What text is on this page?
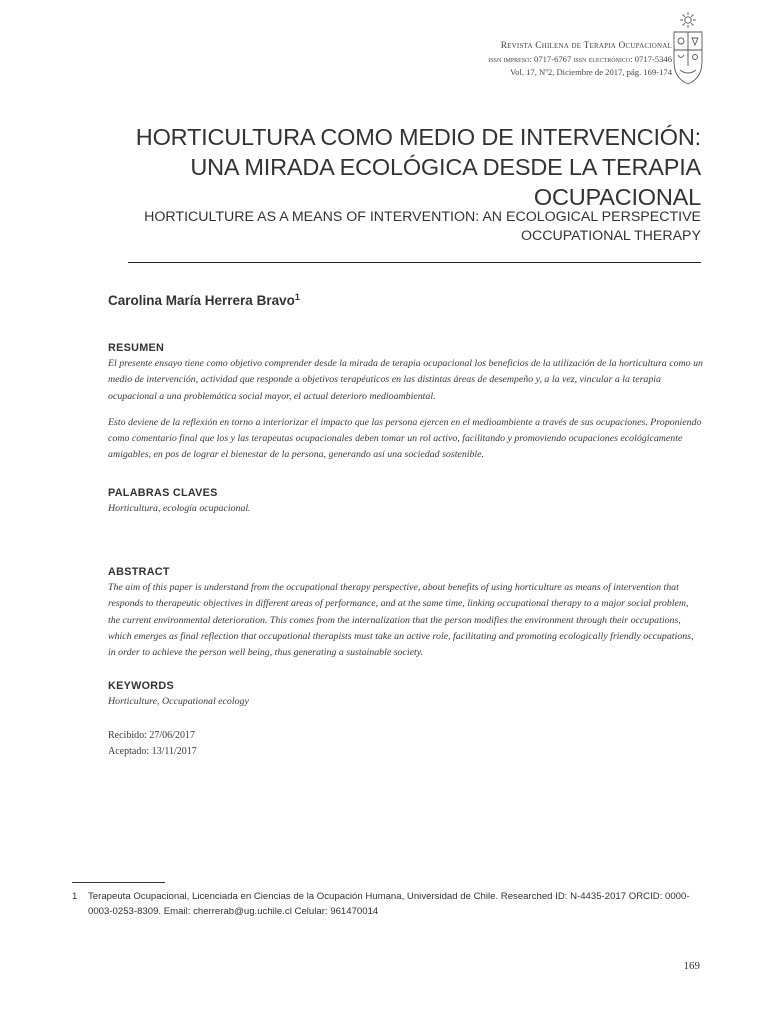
Revista Chilena de Terapia Ocupacional
issn impreso: 0717-6767 issn electrónico: 0717-5346
Vol. 17, Nº2, Diciembre de 2017, pág. 169-174
HORTICULTURA COMO MEDIO DE INTERVENCIÓN: UNA MIRADA ECOLÓGICA DESDE LA TERAPIA OCUPACIONAL
HORTICULTURE AS A MEANS OF INTERVENTION: AN ECOLOGICAL PERSPECTIVE OCCUPATIONAL THERAPY
Carolina María Herrera Bravo$^1$
RESUMEN

El presente ensayo tiene como objetivo comprender desde la mirada de terapia ocupacional los beneficios de la utilización de la horticultura como un medio de intervención, actividad que responde a objetivos terapéuticos en las distintas áreas de desempeño y, a la vez, vincular a la terapia ocupacional a una problemática social mayor, el actual deterioro medioambiental.

Esto deviene de la reflexión en torno a interiorizar el impacto que las persona ejercen en el medioambiente a través de sus ocupaciones. Proponiendo como comentario final que los y las terapeutas ocupacionales deben tomar un rol activo, facilitando y promoviendo ocupaciones ecológicamente amigables, en pos de lograr el bienestar de la persona, generando así una sociedad sostenible.

PALABRAS CLAVES

Horticultura, ecología ocupacional.

ABSTRACT

The aim of this paper is understand from the occupational therapy perspective, about benefits of using horticulture as means of intervention that responds to therapeutic objectives in different areas of performance, and at the same time, linking occupational therapy to a major social problem, the current environmental deterioration. This comes from the internalization that the person modifies the environment through their occupations, which emerges as final reflection that occupational therapists must take an active role, facilitating and promoting ecologically friendly occupations, in order to achieve the person well being, thus generating a sustainable society.

KEYWORDS

Horticulture, Occupational ecology

Recibido: 27/06/2017
Aceptado: 13/11/2017
1 Terapeuta Ocupacional, Licenciada en Ciencias de la Ocupación Humana, Universidad de Chile. Researched ID: N-4435-2017 ORCID: 0000-0003-0253-8309. Email: cherrerab@ug.uchile.cl Celular: 961470014
169
